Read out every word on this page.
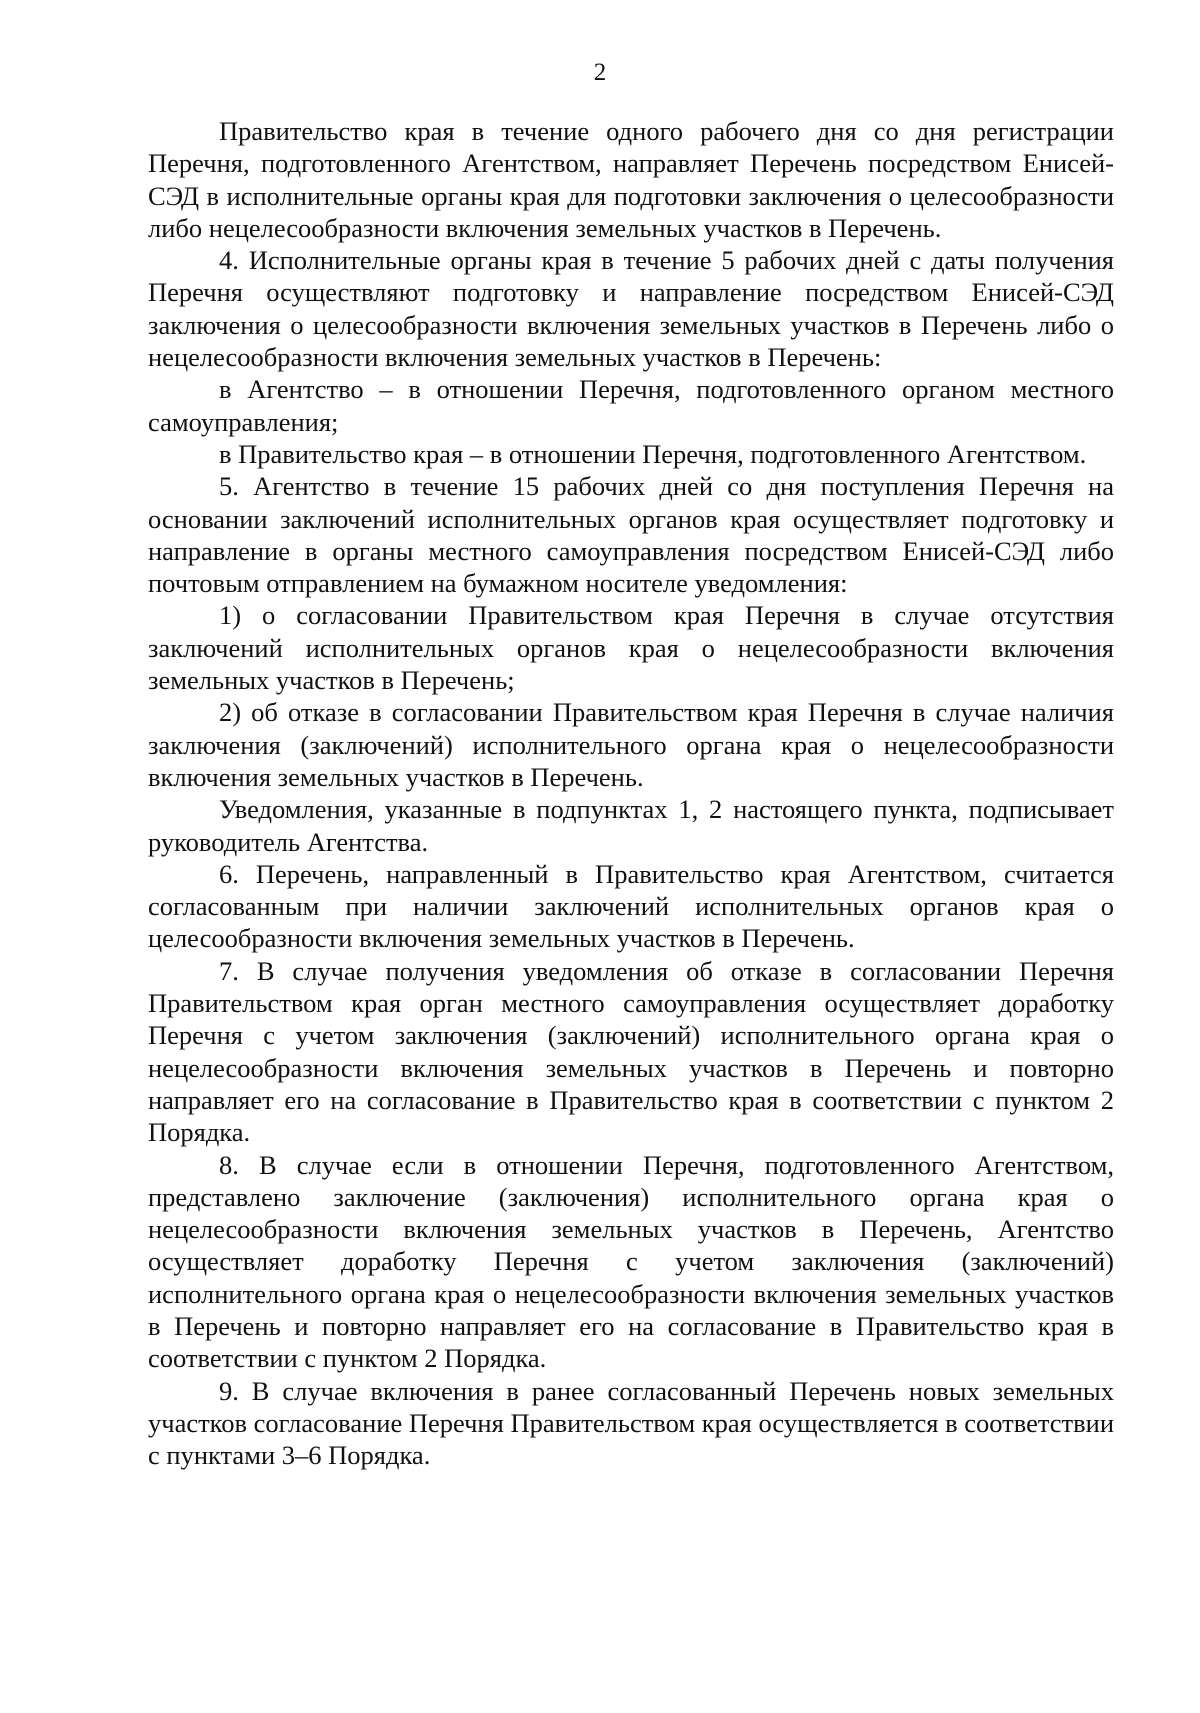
2

Правительство края в течение одного рабочего дня со дня регистрации Перечня, подготовленного Агентством, направляет Перечень посредством Енисей-СЭД в исполнительные органы края для подготовки заключения о целесообразности либо нецелесообразности включения земельных участков в Перечень.

4. Исполнительные органы края в течение 5 рабочих дней с даты получения Перечня осуществляют подготовку и направление посредством Енисей-СЭД заключения о целесообразности включения земельных участков в Перечень либо о нецелесообразности включения земельных участков в Перечень:

в Агентство – в отношении Перечня, подготовленного органом местного самоуправления;

в Правительство края – в отношении Перечня, подготовленного Агентством.

5. Агентство в течение 15 рабочих дней со дня поступления Перечня на основании заключений исполнительных органов края осуществляет подготовку и направление в органы местного самоуправления посредством Енисей-СЭД либо почтовым отправлением на бумажном носителе уведомления:

1) о согласовании Правительством края Перечня в случае отсутствия заключений исполнительных органов края о нецелесообразности включения земельных участков в Перечень;

2) об отказе в согласовании Правительством края Перечня в случае наличия заключения (заключений) исполнительного органа края о нецелесообразности включения земельных участков в Перечень.

Уведомления, указанные в подпунктах 1, 2 настоящего пункта, подписывает руководитель Агентства.

6. Перечень, направленный в Правительство края Агентством, считается согласованным при наличии заключений исполнительных органов края о целесообразности включения земельных участков в Перечень.

7. В случае получения уведомления об отказе в согласовании Перечня Правительством края орган местного самоуправления осуществляет доработку Перечня с учетом заключения (заключений) исполнительного органа края о нецелесообразности включения земельных участков в Перечень и повторно направляет его на согласование в Правительство края в соответствии с пунктом 2 Порядка.

8. В случае если в отношении Перечня, подготовленного Агентством, представлено заключение (заключения) исполнительного органа края о нецелесообразности включения земельных участков в Перечень, Агентство осуществляет доработку Перечня с учетом заключения (заключений) исполнительного органа края о нецелесообразности включения земельных участков в Перечень и повторно направляет его на согласование в Правительство края в соответствии с пунктом 2 Порядка.

9. В случае включения в ранее согласованный Перечень новых земельных участков согласование Перечня Правительством края осуществляется в соответствии с пунктами 3–6 Порядка.
